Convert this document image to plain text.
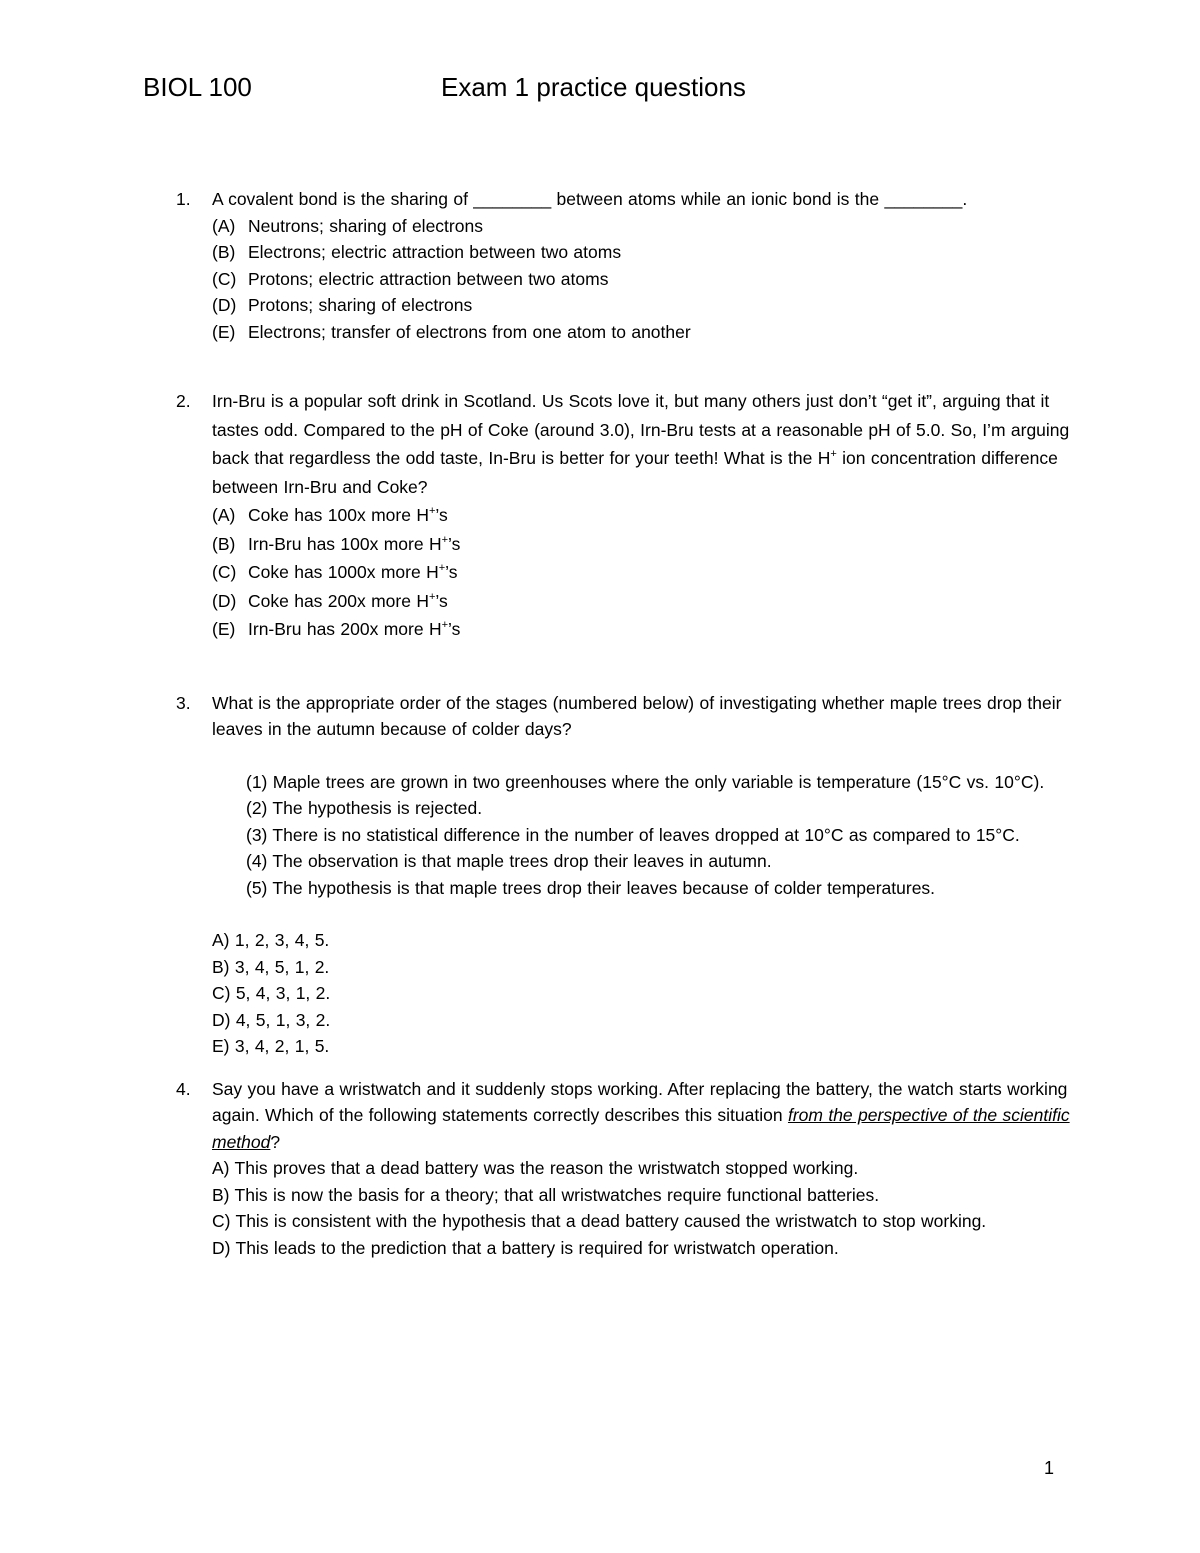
BIOL 100	Exam 1 practice questions
1. A covalent bond is the sharing of ________ between atoms while an ionic bond is the ________.
(A) Neutrons; sharing of electrons
(B) Electrons; electric attraction between two atoms
(C) Protons; electric attraction between two atoms
(D) Protons; sharing of electrons
(E) Electrons; transfer of electrons from one atom to another
2. Irn-Bru is a popular soft drink in Scotland. Us Scots love it, but many others just don’t “get it”, arguing that it tastes odd. Compared to the pH of Coke (around 3.0), Irn-Bru tests at a reasonable pH of 5.0. So, I’m arguing back that regardless the odd taste, In-Bru is better for your teeth! What is the H+ ion concentration difference between Irn-Bru and Coke?
(A) Coke has 100x more H+’s
(B) Irn-Bru has 100x more H+’s
(C) Coke has 1000x more H+’s
(D) Coke has 200x more H+’s
(E) Irn-Bru has 200x more H+’s
3. What is the appropriate order of the stages (numbered below) of investigating whether maple trees drop their leaves in the autumn because of colder days?
(1) Maple trees are grown in two greenhouses where the only variable is temperature (15°C vs. 10°C).
(2) The hypothesis is rejected.
(3) There is no statistical difference in the number of leaves dropped at 10°C as compared to 15°C.
(4) The observation is that maple trees drop their leaves in autumn.
(5) The hypothesis is that maple trees drop their leaves because of colder temperatures.
A) 1, 2, 3, 4, 5.
B) 3, 4, 5, 1, 2.
C) 5, 4, 3, 1, 2.
D) 4, 5, 1, 3, 2.
E) 3, 4, 2, 1, 5.
4. Say you have a wristwatch and it suddenly stops working. After replacing the battery, the watch starts working again. Which of the following statements correctly describes this situation from the perspective of the scientific method?
A) This proves that a dead battery was the reason the wristwatch stopped working.
B) This is now the basis for a theory; that all wristwatches require functional batteries.
C) This is consistent with the hypothesis that a dead battery caused the wristwatch to stop working.
D) This leads to the prediction that a battery is required for wristwatch operation.
1
